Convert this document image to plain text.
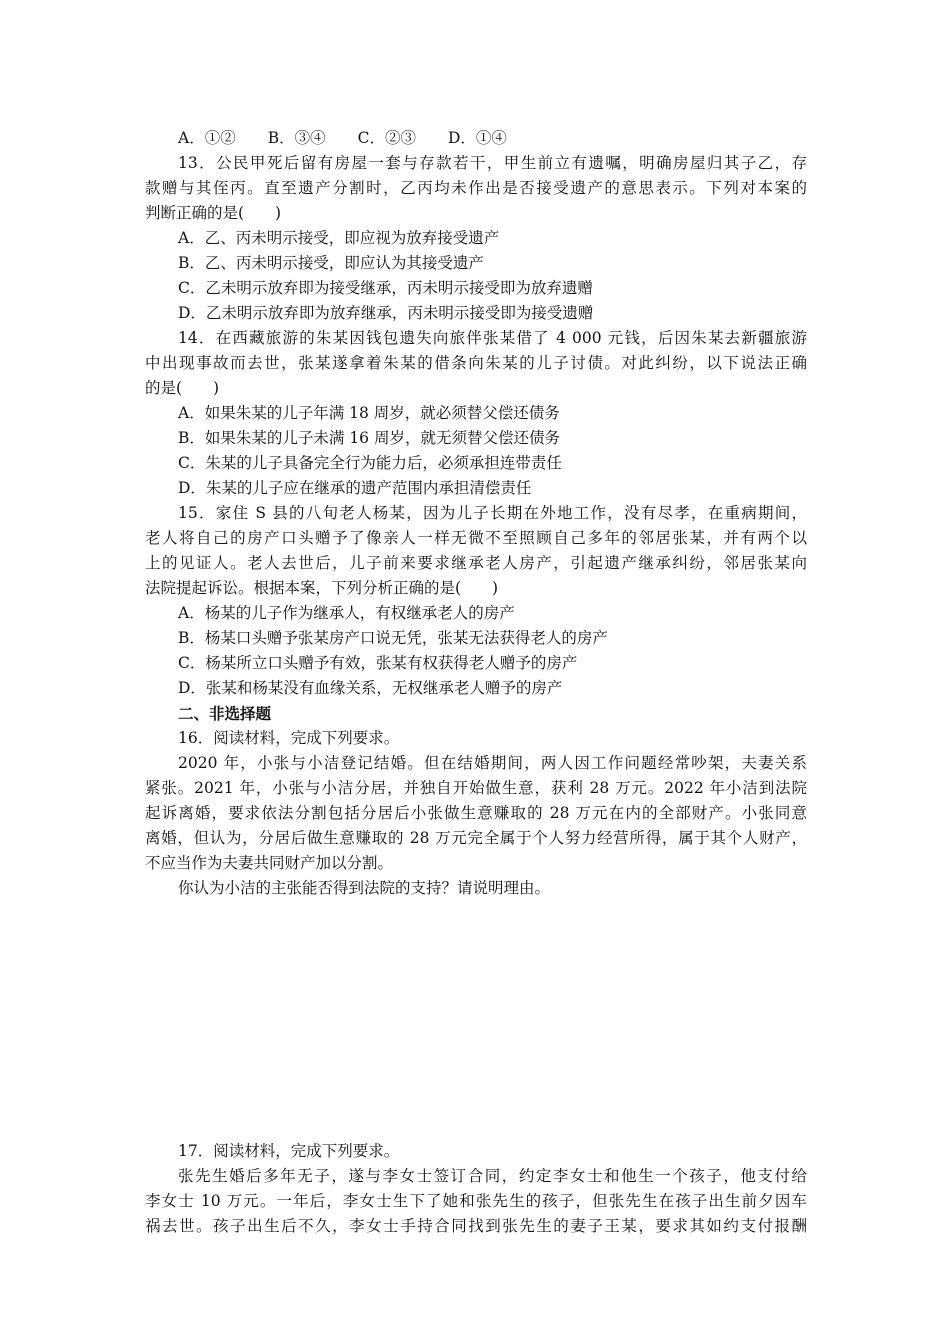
A．①② B．③④ C．②③ D．①④
13．公民甲死后留有房屋一套与存款若干，甲生前立有遗嘱，明确房屋归其子乙，存
款赠与其侄丙。直至遗产分割时，乙丙均未作出是否接受遗产的意思表示。下列对本案的
判断正确的是(　　)
A．乙、丙未明示接受，即应视为放弃接受遗产
B．乙、丙未明示接受，即应认为其接受遗产
C．乙未明示放弃即为接受继承，丙未明示接受即为放弃遗赠
D．乙未明示放弃即为放弃继承，丙未明示接受即为接受遗赠
14．在西藏旅游的朱某因钱包遗失向旅伴张某借了 4 000 元钱，后因朱某去新疆旅游
中出现事故而去世，张某遂拿着朱某的借条向朱某的儿子讨债。对此纠纷，以下说法正确
的是(　　)
A．如果朱某的儿子年满 18 周岁，就必须替父偿还债务
B．如果朱某的儿子未满 16 周岁，就无须替父偿还债务
C．朱某的儿子具备完全行为能力后，必须承担连带责任
D．朱某的儿子应在继承的遗产范围内承担清偿责任
15．家住 S 县的八旬老人杨某，因为儿子长期在外地工作，没有尽孝，在重病期间，
老人将自己的房产口头赠予了像亲人一样无微不至照顾自己多年的邻居张某，并有两个以
上的见证人。老人去世后，儿子前来要求继承老人房产，引起遗产继承纠纷，邻居张某向
法院提起诉讼。根据本案，下列分析正确的是(　　)
A．杨某的儿子作为继承人，有权继承老人的房产
B．杨某口头赠予张某房产口说无凭，张某无法获得老人的房产
C．杨某所立口头赠予有效，张某有权获得老人赠予的房产
D．张某和杨某没有血缘关系，无权继承老人赠予的房产
二、非选择题
16．阅读材料，完成下列要求。
2020 年，小张与小洁登记结婚。但在结婚期间，两人因工作问题经常吵架，夫妻关系
紧张。2021 年，小张与小洁分居，并独自开始做生意，获利 28 万元。2022 年小洁到法院
起诉离婚，要求依法分割包括分居后小张做生意赚取的 28 万元在内的全部财产。小张同意
离婚，但认为，分居后做生意赚取的 28 万元完全属于个人努力经营所得，属于其个人财产，
不应当作为夫妻共同财产加以分割。
你认为小洁的主张能否得到法院的支持？请说明理由。
17．阅读材料，完成下列要求。
张先生婚后多年无子，遂与李女士签订合同，约定李女士和他生一个孩子，他支付给
李女士 10 万元。一年后，李女士生下了她和张先生的孩子，但张先生在孩子出生前夕因车
祸去世。孩子出生后不久，李女士手持合同找到张先生的妻子王某，要求其如约支付报酬
